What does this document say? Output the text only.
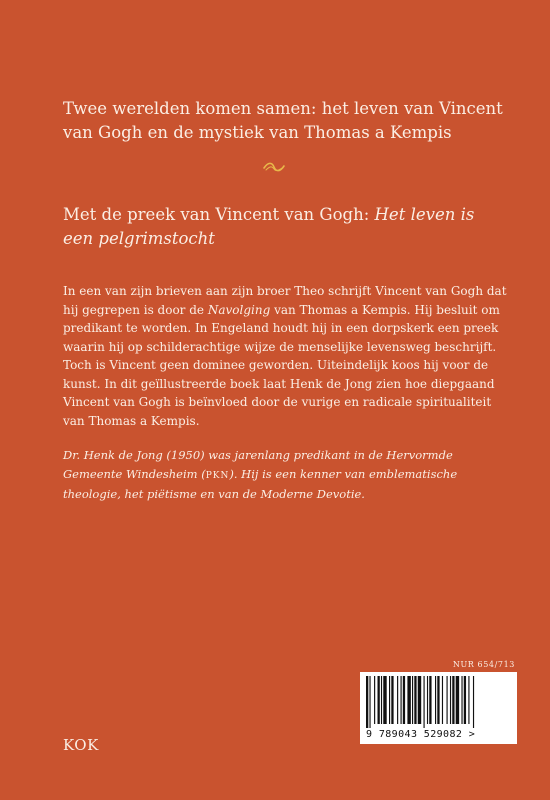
Twee werelden komen samen: het leven van Vincent van Gogh en de mystiek van Thomas a Kempis
Met de preek van Vincent van Gogh: Het leven is een pelgrimstocht
In een van zijn brieven aan zijn broer Theo schrijft Vincent van Gogh dat hij gegrepen is door de Navolging van Thomas a Kempis. Hij besluit om predikant te worden. In Engeland houdt hij in een dorpskerk een preek waarin hij op schilderachtige wijze de menselijke levensweg beschrijft. Toch is Vincent geen dominee geworden. Uiteindelijk koos hij voor de kunst. In dit geïllustreerde boek laat Henk de Jong zien hoe diepgaand Vincent van Gogh is beïnvloed door de vurige en radicale spiritualiteit van Thomas a Kempis.
Dr. Henk de Jong (1950) was jarenlang predikant in de Hervormde Gemeente Windesheim (PKN). Hij is een kenner van emblematische theologie, het piëtisme en van de Moderne Devotie.
NUR 654/713
9 789043 529082 >
KOK
